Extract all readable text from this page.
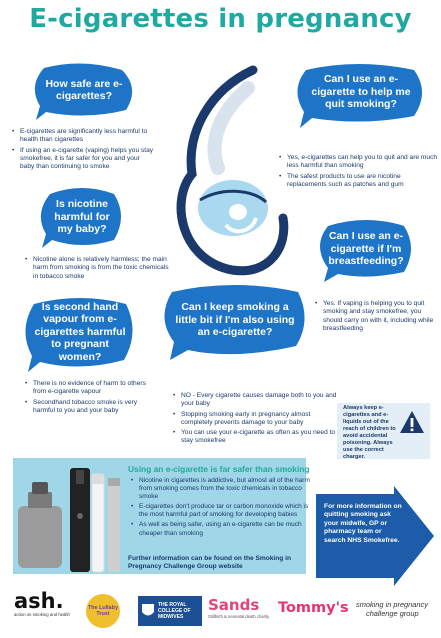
E-cigarettes in pregnancy
How safe are e-cigarettes?
• E-cigarettes are significantly less harmful to health than cigarettes
• If using an e-cigarette (vaping) helps you stay smokefree, it is far safer for you and your baby than continuing to smoke
Can I use an e-cigarette to help me quit smoking?
• Yes, e-cigarettes can help you to quit and are much less harmful than smoking
• The safest products to use are nicotine replacements such as patches and gum
Is nicotine harmful for my baby?
• Nicotine alone is relatively harmless; the main harm from smoking is from the toxic chemicals in tobacco smoke
Can I use an e-cigarette if I'm breastfeeding?
• Yes. If vaping is helping you to quit smoking and stay smokefree, you should carry on with it, including while breastfeeding
Is second hand vapour from e-cigarettes harmful to pregnant women?
• There is no evidence of harm to others from e-cigarette vapour
• Secondhand tobacco smoke is very harmful to you and your baby
Can I keep smoking a little bit if I'm also using an e-cigarette?
• NO - Every cigarette causes damage both to you and your baby
• Stopping smoking early in pregnancy almost completely prevents damage to your baby
• You can use your e-cigarette as often as you need to stay smokefree
Always keep e-cigarettes and e-liquids out of the reach of children to avoid accidental poisoning. Always use the correct charger.
Using an e-cigarette is far safer than smoking
• Nicotine in cigarettes is addictive, but almost all of the harm from smoking comes from the toxic chemicals in tobacco smoke
• E-cigarettes don't produce tar or carbon monoxide which is the most harmful part of smoking for developing babies
• As well as being safer, using an e-cigarette can be much cheaper than smoking
Further information can be found on the Smoking in Pregnancy Challenge Group website
For more information on quitting smoking ask your midwife, GP or pharmacy team or search NHS Smokefree.
ash.
action on smoking and health
The Lullaby Trust
THE ROYAL
COLLEGE OF
MIDWIVES
Sands
Stillbirth & neonatal death charity
Tommy's smoking in pregnancy
challenge group
